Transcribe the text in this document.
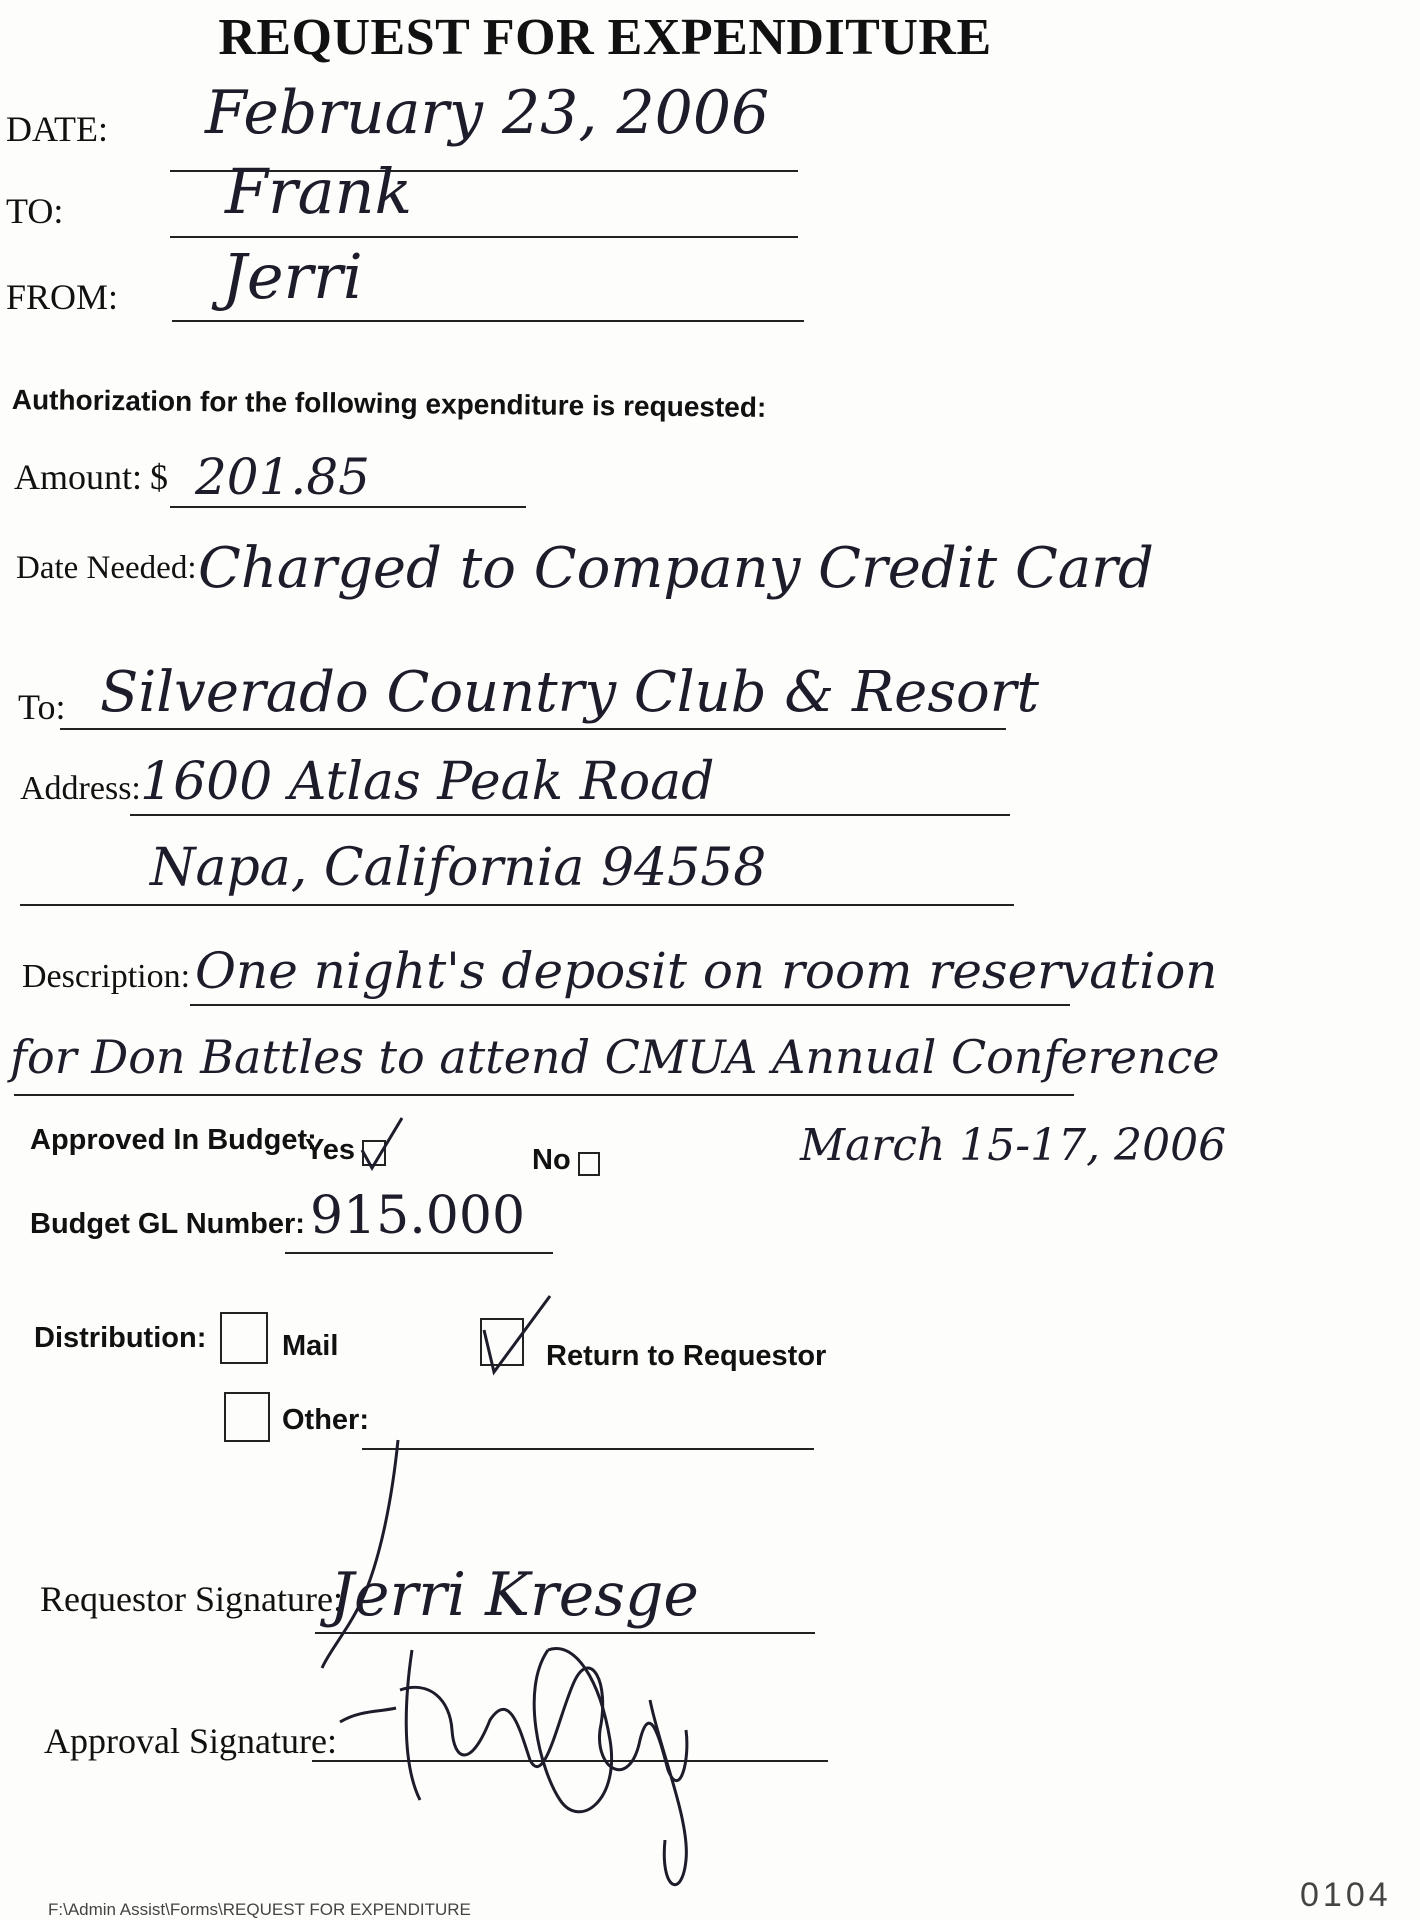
REQUEST FOR EXPENDITURE
DATE: February 23, 2006
TO:	Frank
FROM: Jerri
Authorization for the following expenditure is requested:
Amount: $ 201.85
Date Needed: Charged to Company Credit Card
To: Silverado Country Club & Resort
Address: 1600 Atlas Peak Road
Napa, California 94558
Description: One night's deposit on room reservation
for Don Battles to attend CMUA Annual Conference
March 15-17, 2006
Approved In Budget:
Yes	No
Budget GL Number: 915.000
Distribution:	Mail	Return to Requestor
Other:
Requestor Signature:
Jerri Kresge
Approval Signature:
F:\Admin Assist\Forms\REQUEST FOR EXPENDITURE	0104
